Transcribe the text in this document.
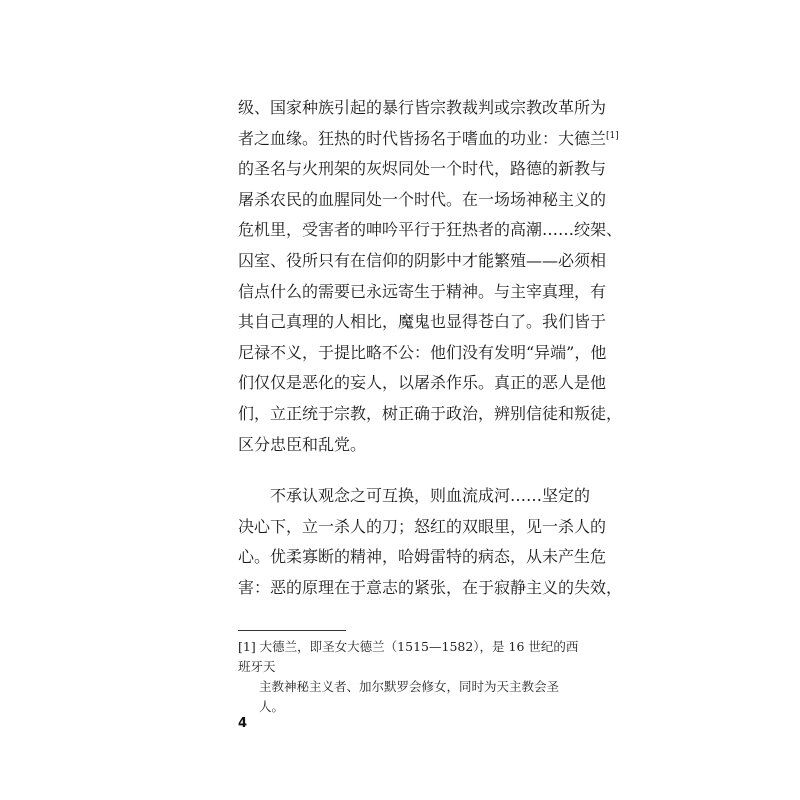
级、国家种族引起的暴行皆宗教裁判或宗教改革所为
者之血缘。狂热的时代皆扬名于嗜血的功业：大德兰[1]
的圣名与火刑架的灰烬同处一个时代，路德的新教与
屠杀农民的血腥同处一个时代。在一场场神秘主义的
危机里，受害者的呻吟平行于狂热者的高潮……绞架、
囚室、役所只有在信仰的阴影中才能繁殖——必须相
信点什么的需要已永远寄生于精神。与主宰真理，有
其自己真理的人相比，魔鬼也显得苍白了。我们皆于
尼禄不义，于提比略不公：他们没有发明“异端”，他
们仅仅是恶化的妄人，以屠杀作乐。真正的恶人是他
们，立正统于宗教，树正确于政治，辨别信徒和叛徒，
区分忠臣和乱党。
不承认观念之可互换，则血流成河……坚定的
决心下，立一杀人的刀；怒红的双眼里，见一杀人的
心。优柔寡断的精神，哈姆雷特的病态，从未产生危
害：恶的原理在于意志的紧张，在于寂静主义的失效，
[1] 大德兰，即圣女大德兰（1515—1582），是 16 世纪的西班牙天
主教神秘主义者、加尔默罗会修女，同时为天主教会圣人。
4
